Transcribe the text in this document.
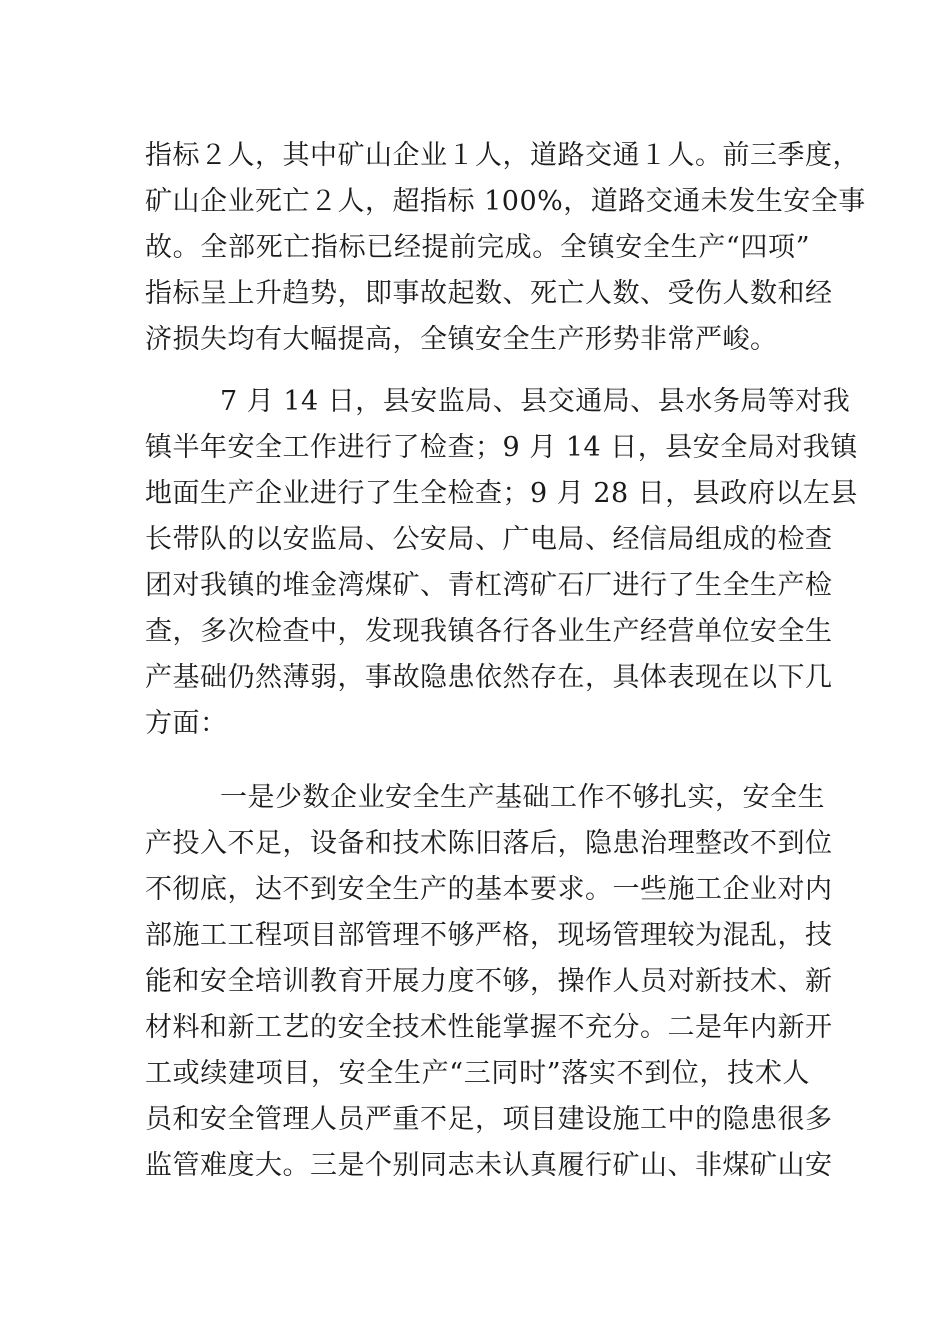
指标２人，其中矿山企业１人，道路交通１人。前三季度，
矿山企业死亡２人，超指标 100%，道路交通未发生安全事
故。全部死亡指标已经提前完成。全镇安全生产“四项”
指标呈上升趋势，即事故起数、死亡人数、受伤人数和经
济损失均有大幅提高，全镇安全生产形势非常严峻。
7 月 14 日，县安监局、县交通局、县水务局等对我
镇半年安全工作进行了检查；9 月 14 日，县安全局对我镇
地面生产企业进行了生全检查；9 月 28 日，县政府以左县
长带队的以安监局、公安局、广电局、经信局组成的检查
团对我镇的堆金湾煤矿、青杠湾矿石厂进行了生全生产检
查，多次检查中，发现我镇各行各业生产经营单位安全生
产基础仍然薄弱，事故隐患依然存在，具体表现在以下几
方面：
一是少数企业安全生产基础工作不够扎实，安全生
产投入不足，设备和技术陈旧落后，隐患治理整改不到位
不彻底，达不到安全生产的基本要求。一些施工企业对内
部施工工程项目部管理不够严格，现场管理较为混乱，技
能和安全培训教育开展力度不够，操作人员对新技术、新
材料和新工艺的安全技术性能掌握不充分。二是年内新开
工或续建项目，安全生产“三同时”落实不到位，技术人
员和安全管理人员严重不足，项目建设施工中的隐患很多
监管难度大。三是个别同志未认真履行矿山、非煤矿山安
